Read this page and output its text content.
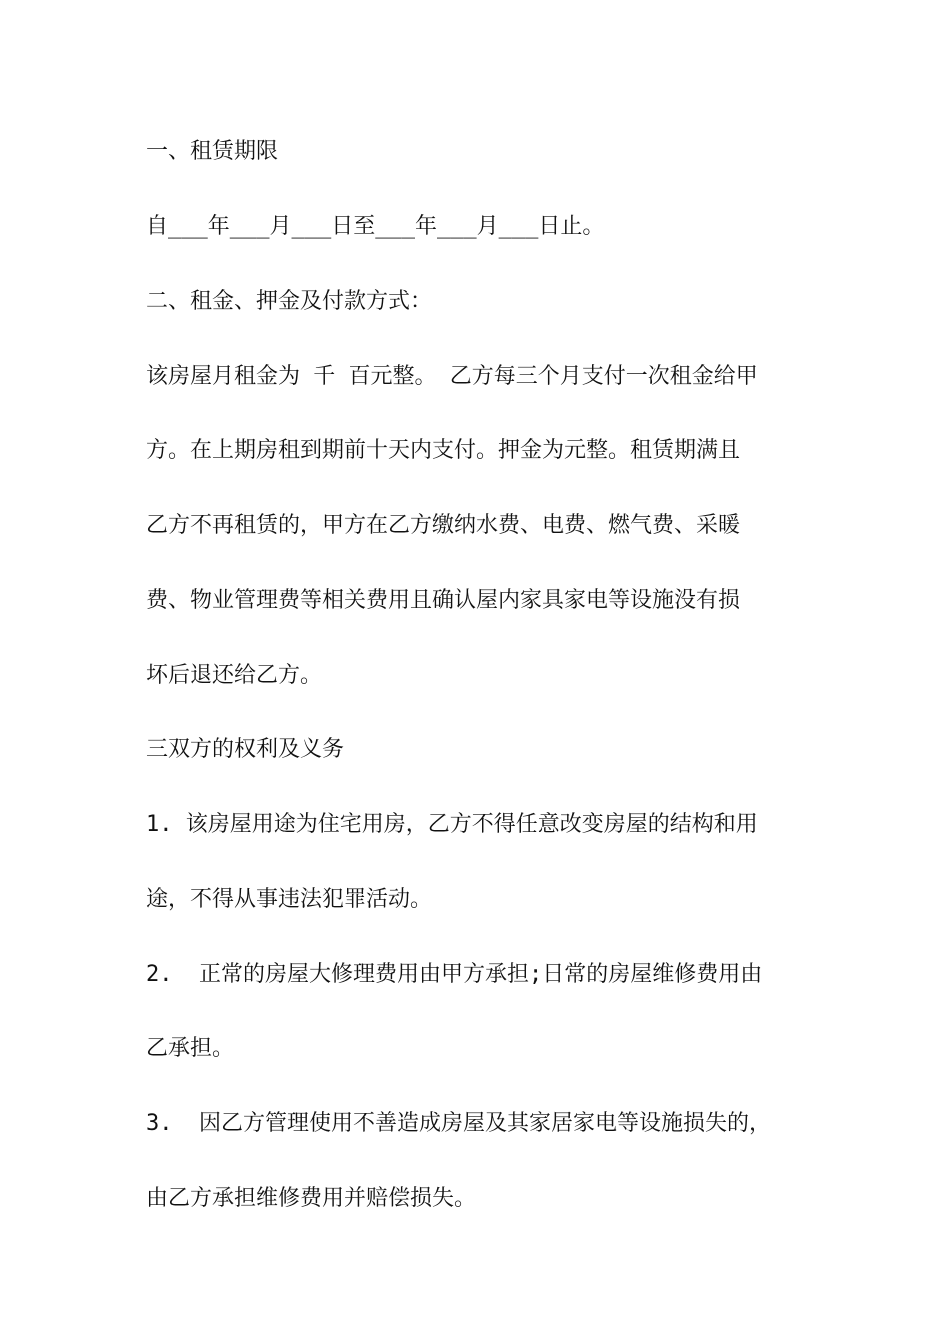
一、租赁期限
自___年___月___日至___年___月___日止。
二、租金、押金及付款方式：
该房屋月租金为 千 百元整。 乙方每三个月支付一次租金给甲
方。在上期房租到期前十天内支付。押金为元整。租赁期满且
乙方不再租赁的，甲方在乙方缴纳水费、电费、燃气费、采暖
费、物业管理费等相关费用且确认屋内家具家电等设施没有损
坏后退还给乙方。
三双方的权利及义务
1. 该房屋用途为住宅用房，乙方不得任意改变房屋的结构和用
途，不得从事违法犯罪活动。
2.  正常的房屋大修理费用由甲方承担;日常的房屋维修费用由
乙承担。
3.  因乙方管理使用不善造成房屋及其家居家电等设施损失的，
由乙方承担维修费用并赔偿损失。
